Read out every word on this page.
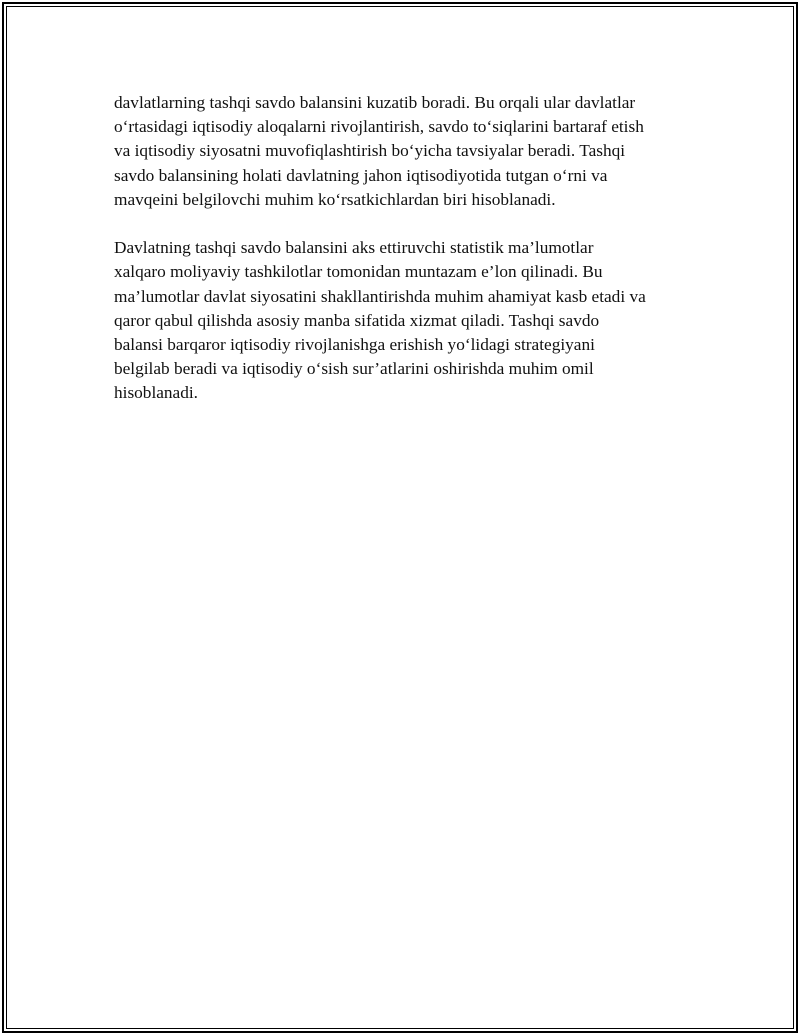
davlatlarning tashqi savdo balansini kuzatib boradi. Bu orqali ular davlatlar
o‘rtasidagi iqtisodiy aloqalarni rivojlantirish, savdo to‘siqlarini bartaraf etish
va iqtisodiy siyosatni muvofiqlashtirish bo‘yicha tavsiyalar beradi. Tashqi
savdo balansining holati davlatning jahon iqtisodiyotida tutgan o‘rni va
mavqeini belgilovchi muhim ko‘rsatkichlardan biri hisoblanadi.

Davlatning tashqi savdo balansini aks ettiruvchi statistik ma’lumotlar
xalqaro moliyaviy tashkilotlar tomonidan muntazam e’lon qilinadi. Bu
ma’lumotlar davlat siyosatini shakllantirishda muhim ahamiyat kasb etadi va
qaror qabul qilishda asosiy manba sifatida xizmat qiladi. Tashqi savdo
balansi barqaror iqtisodiy rivojlanishga erishish yo‘lidagi strategiyani
belgilab beradi va iqtisodiy o‘sish sur’atlarini oshirishda muhim omil
hisoblanadi.
